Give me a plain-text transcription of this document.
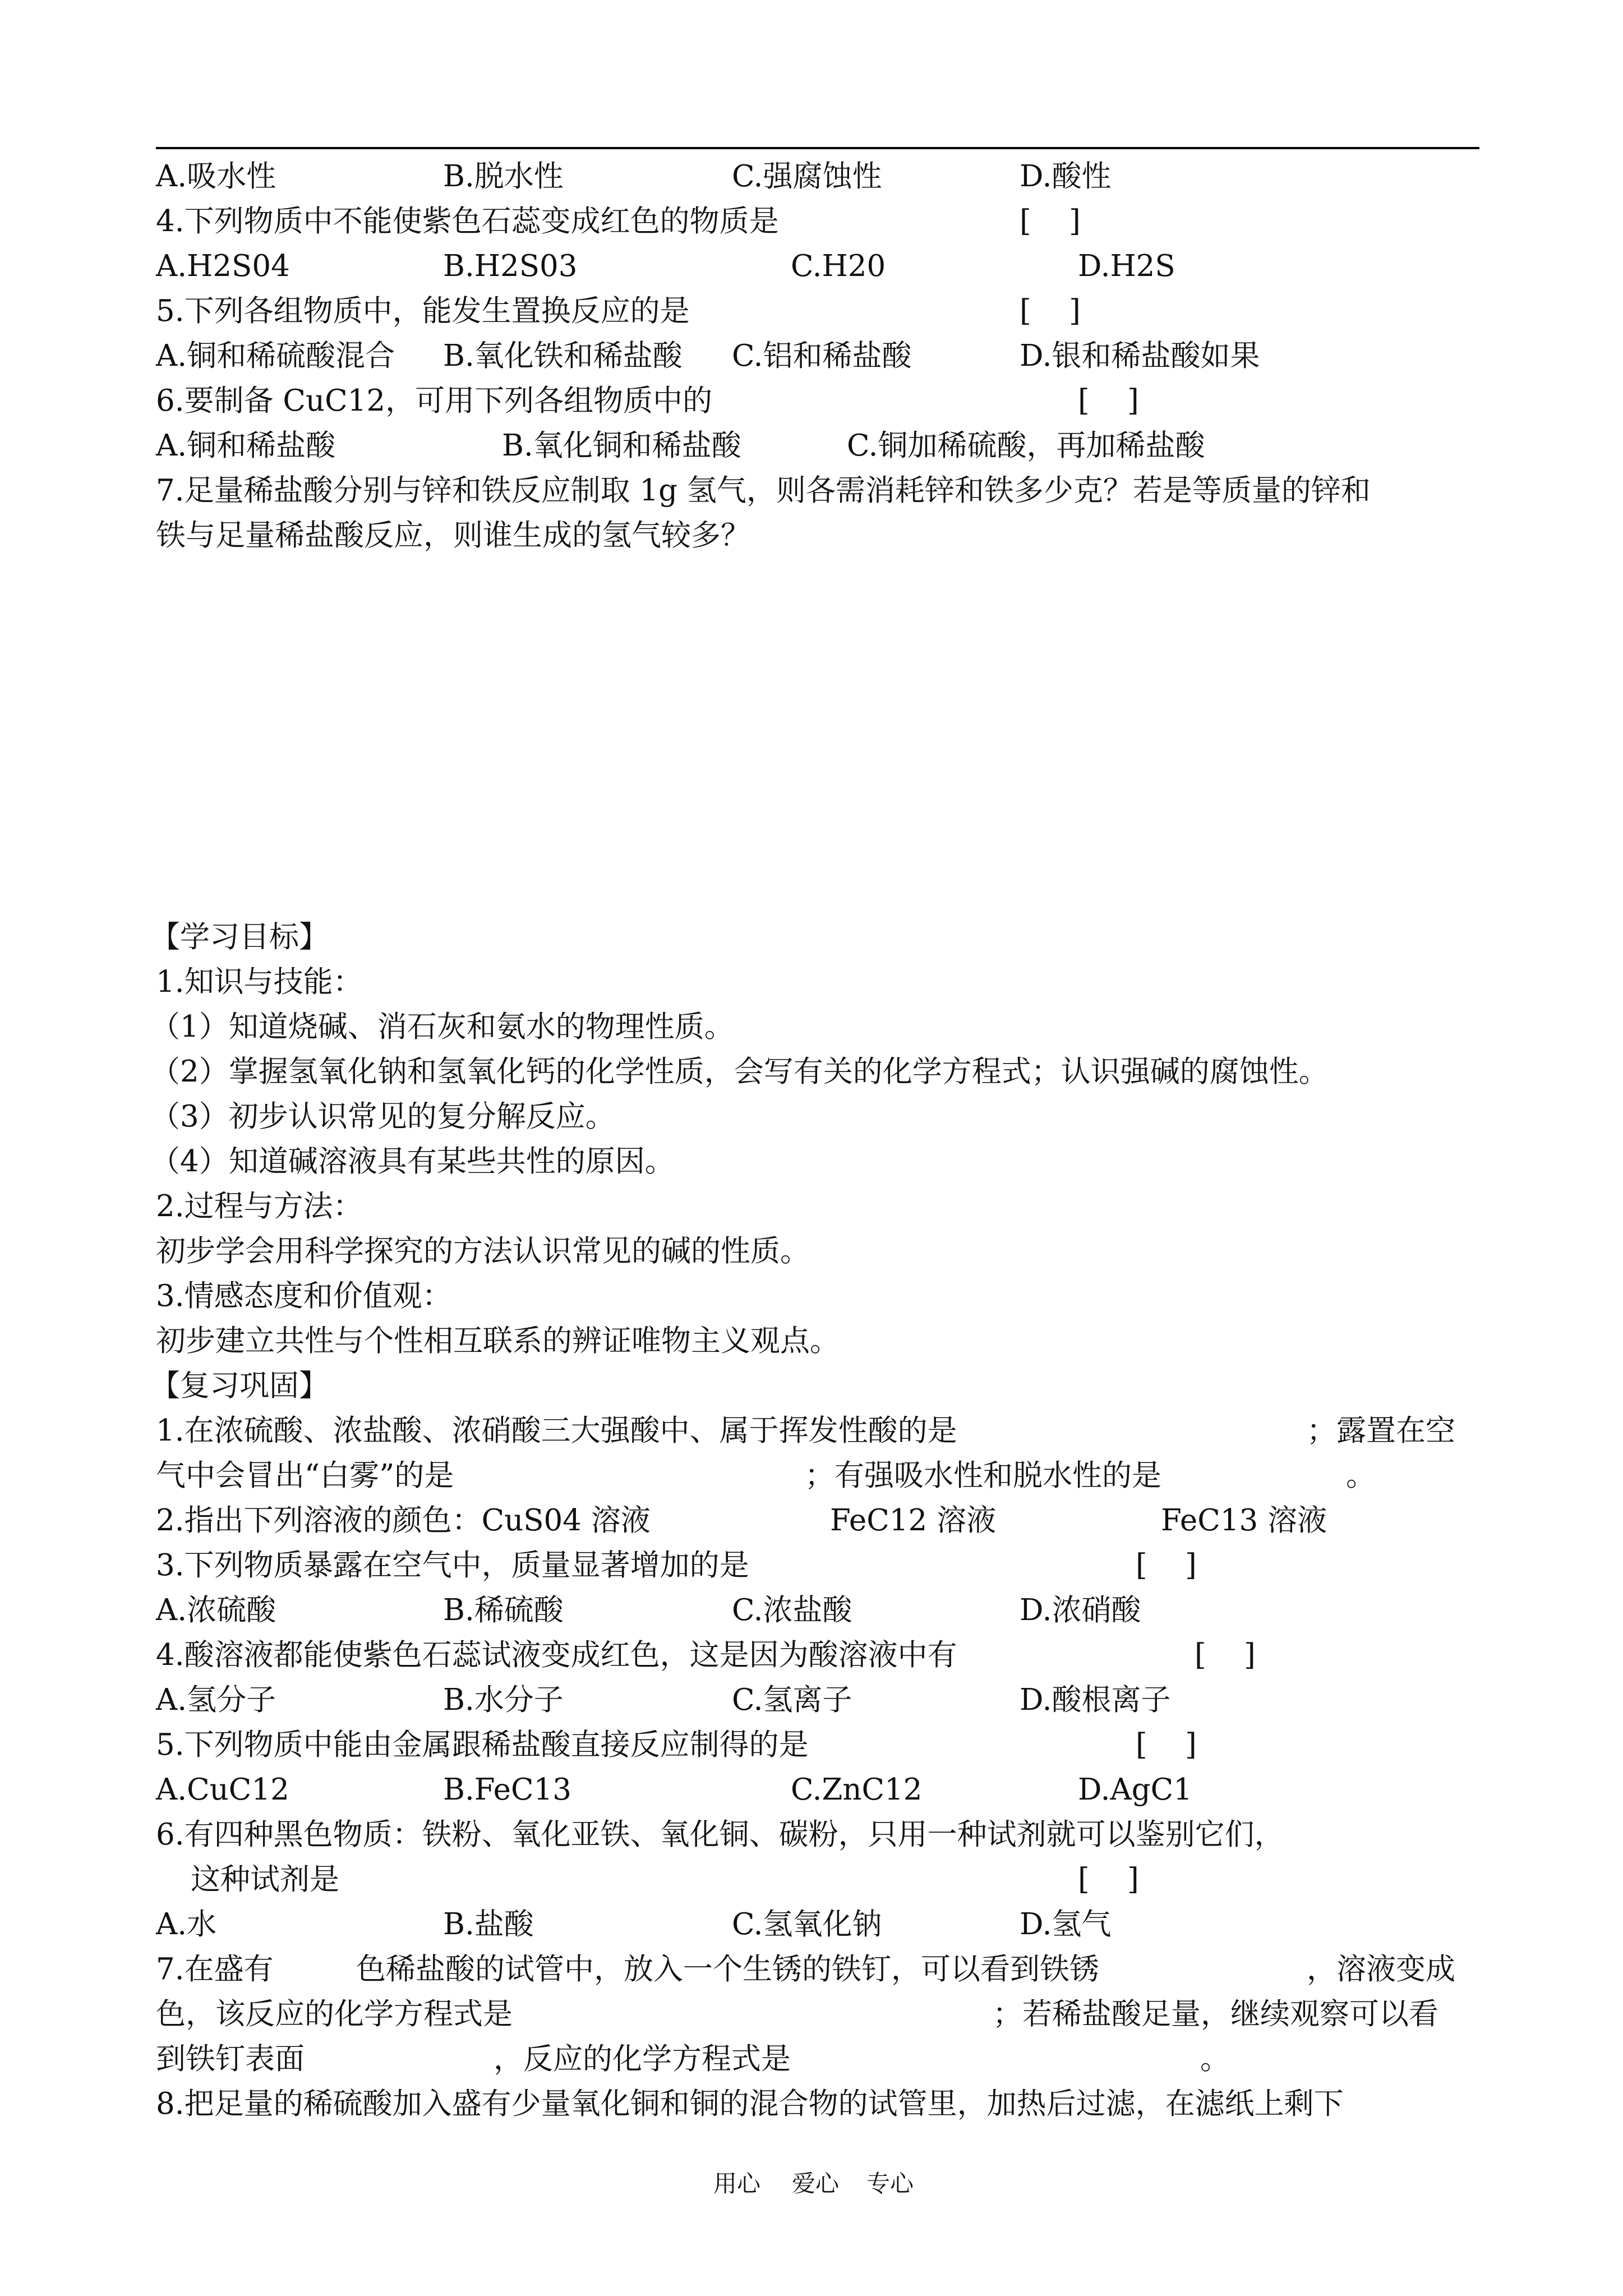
A.吸水性	B.脱水性	C.强腐蚀性	D.酸性
4.下列物质中不能使紫色石蕊变成红色的物质是	[    ]
A.H2S04	B.H2S03	C.H20	D.H2S
5.下列各组物质中，能发生置换反应的是	[    ]
A.铜和稀硫酸混合 B.氧化铁和稀盐酸 C.铝和稀盐酸	D.银和稀盐酸如果
6.要制备 CuC12，可用下列各组物质中的	[    ]
A.铜和稀盐酸	B.氧化铜和稀盐酸	C.铜加稀硫酸，再加稀盐酸
7.足量稀盐酸分别与锌和铁反应制取 1g 氢气，则各需消耗锌和铁多少克？若是等质量的锌和
铁与足量稀盐酸反应，则谁生成的氢气较多？
【学习目标】
1.知识与技能：
（1）知道烧碱、消石灰和氨水的物理性质。
（2）掌握氢氧化钠和氢氧化钙的化学性质，会写有关的化学方程式；认识强碱的腐蚀性。
（3）初步认识常见的复分解反应。
（4）知道碱溶液具有某些共性的原因。
2.过程与方法：
初步学会用科学探究的方法认识常见的碱的性质。
3.情感态度和价值观：
初步建立共性与个性相互联系的辨证唯物主义观点。
【复习巩固】
1.在浓硫酸、浓盐酸、浓硝酸三大强酸中、属于挥发性酸的是	；露置在空
气中会冒出“白雾”的是	；有强吸水性和脱水性的是	。
2.指出下列溶液的颜色：CuS04 溶液	FeC12 溶液	FeC13 溶液
3.下列物质暴露在空气中，质量显著增加的是	[    ]
A.浓硫酸	B.稀硫酸	C.浓盐酸	D.浓硝酸
4.酸溶液都能使紫色石蕊试液变成红色，这是因为酸溶液中有	[    ]
A.氢分子	B.水分子	C.氢离子	D.酸根离子
5.下列物质中能由金属跟稀盐酸直接反应制得的是	[    ]
A.CuC12	B.FeC13	C.ZnC12	D.AgC1
6.有四种黑色物质：铁粉、氧化亚铁、氧化铜、碳粉，只用一种试剂就可以鉴别它们，
这种试剂是	[    ]
A.水	B.盐酸	C.氢氧化钠	D.氢气
7.在盛有	色稀盐酸的试管中，放入一个生锈的铁钉，可以看到铁锈	，溶液变成
色，该反应的化学方程式是	；若稀盐酸足量，继续观察可以看
到铁钉表面	，反应的化学方程式是	。
8.把足量的稀硫酸加入盛有少量氧化铜和铜的混合物的试管里，加热后过滤，在滤纸上剩下
用心 爱心 专心
